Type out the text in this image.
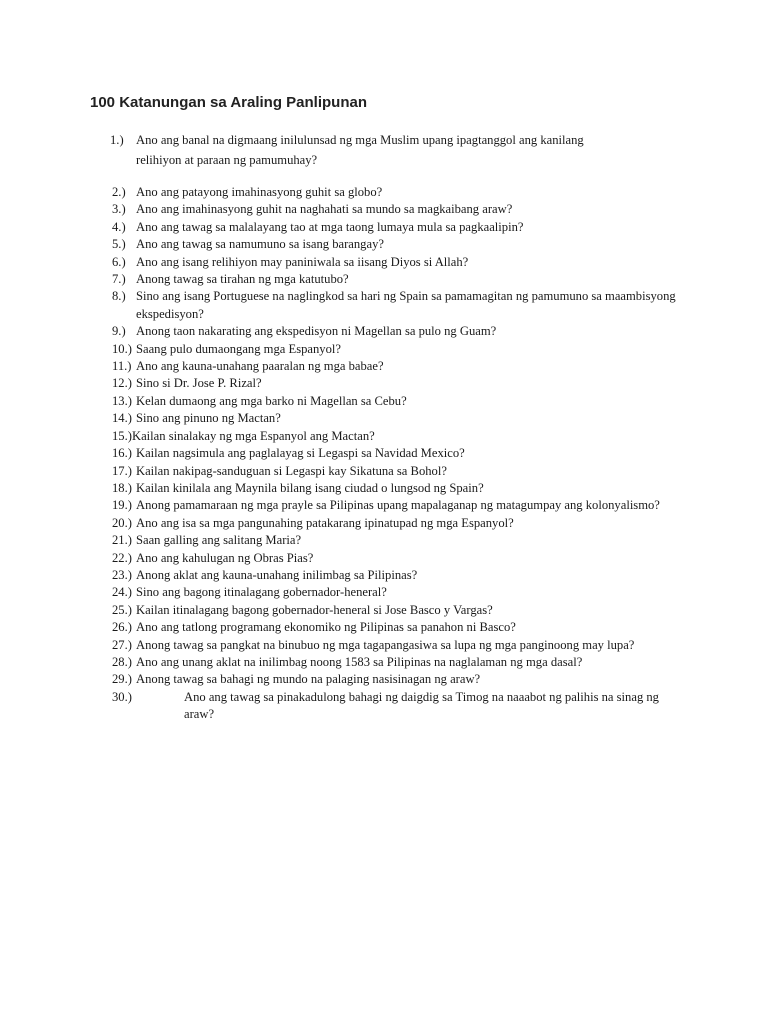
100 Katanungan sa Araling Panlipunan
1.) Ano ang banal na digmaang inilulunsad ng mga Muslim upang ipagtanggol ang kanilang
relihiyon at paraan ng pamumuhay?
2.) Ano ang patayong imahinasyong guhit sa globo?
3.) Ano ang imahinasyong guhit na naghahati sa mundo sa magkaibang araw?
4.) Ano ang tawag sa malalayang tao at mga taong lumaya mula sa pagkaalipin?
5.) Ano ang tawag sa namumuno sa isang barangay?
6.) Ano ang isang relihiyon may paniniwala sa iisang Diyos si Allah?
7.) Anong tawag sa tirahan ng mga katutubo?
8.) Sino ang isang Portuguese na naglingkod sa hari ng Spain sa pamamagitan ng pamumuno sa maambisyong ekspedisyon?
9.) Anong taon nakarating ang ekspedisyon ni Magellan sa pulo ng Guam?
10.) Saang pulo dumaongang mga Espanyol?
11.) Ano ang kauna-unahang paaralan ng mga babae?
12.) Sino si Dr. Jose P. Rizal?
13.) Kelan dumaong ang mga barko ni Magellan sa Cebu?
14.) Sino ang pinuno ng Mactan?
15.) Kailan sinalakay ng mga Espanyol ang Mactan?
16.) Kailan nagsimula ang paglalayag si Legaspi sa Navidad Mexico?
17.) Kailan nakipag-sanduguan si Legaspi kay Sikatuna sa Bohol?
18.) Kailan kinilala ang Maynila bilang isang ciudad o lungsod ng Spain?
19.) Anong pamamaraan ng mga prayle sa Pilipinas upang mapalaganap ng matagumpay ang kolonyalismo?
20.) Ano ang isa sa mga pangunahing patakarang ipinatupad ng mga Espanyol?
21.) Saan galling ang salitang Maria?
22.) Ano ang kahulugan ng Obras Pias?
23.) Anong aklat ang kauna-unahang inilimbag sa Pilipinas?
24.) Sino ang bagong itinalagang gobernador-heneral?
25.) Kailan itinalagang bagong gobernador-heneral si Jose Basco y Vargas?
26.) Ano ang tatlong programang ekonomiko ng Pilipinas sa panahon ni Basco?
27.) Anong tawag sa pangkat na binubuo ng mga tagapangasiwa sa lupa ng mga panginoong may lupa?
28.) Ano ang unang aklat na inilimbag noong 1583 sa Pilipinas na naglalaman ng mga dasal?
29.) Anong tawag sa bahagi ng mundo na palaging nasisinagan ng araw?
30.)	Ano ang tawag sa pinakadulong bahagi ng daigdig sa Timog na naaabot ng palihis na sinag ng araw?
